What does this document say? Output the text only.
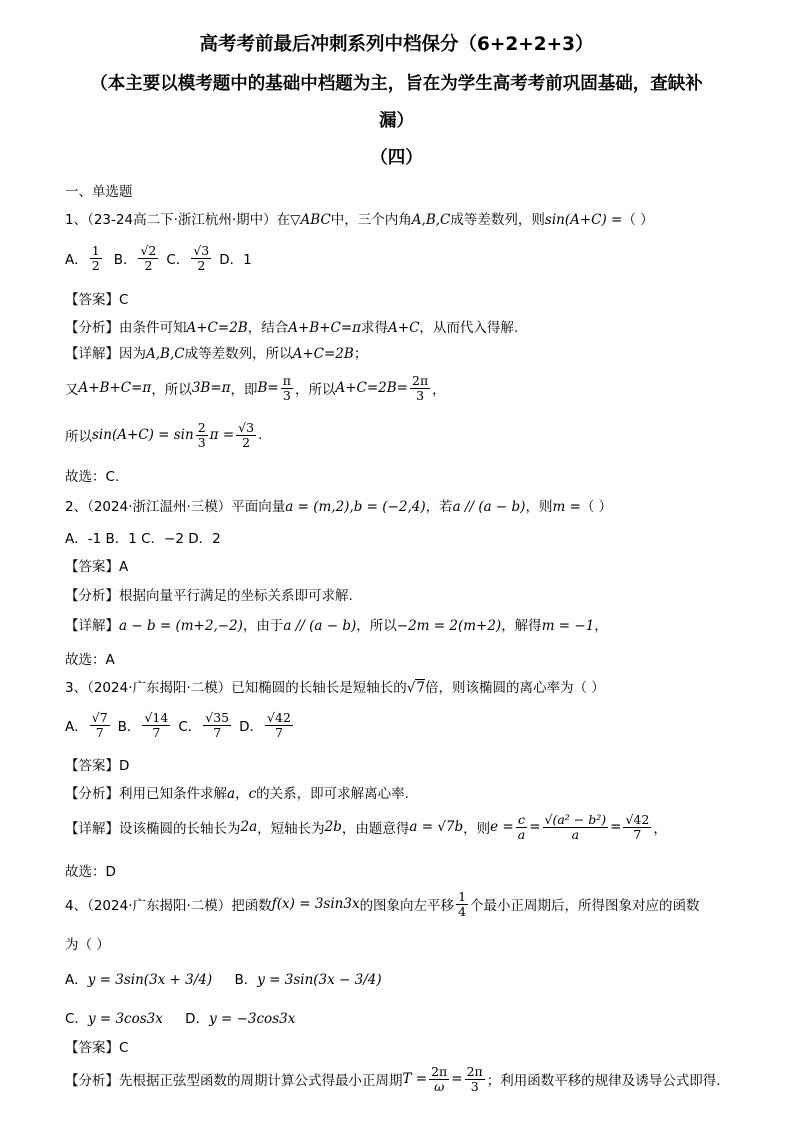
高考考前最后冲刺系列中档保分（6+2+2+3）
（本主要以模考题中的基础中档题为主，旨在为学生高考考前巩固基础，查缺补
漏）
（四）
一、单选题
1、（23-24高二下·浙江杭州·期中）在▽ABC中，三个内角A,B,C成等差数列，则sin(A+C) =（ ）
A． $\frac{1}{2}$ B． $\frac{√2}{2}$ C． $\frac{√3}{2}$ D．1
【答案】C
【分析】由条件可知A+C=2B，结合A+B+C=π求得A+C，从而代入得解.
【详解】因为A,B,C成等差数列，所以A+C=2B；
又 A+B+C=π ，所以 3B=π ，即 $B= \frac{\pi}{3}$ ，所以 $A+C=2B= \frac{2\pi}{3}$ ，
所以 $\sin(A+C) = \sin \frac{2}{3}$ $\pi = \frac{√3}{2}$ .
故选：C.
2、（2024·浙江温州·三模）平面向量a = (m,2),b = (−2,4)，若a // (a − b)，则m =（ ）
A．-1 B．1 C．−2 D．2
【答案】A
【分析】根据向量平行满足的坐标关系即可求解.
【详解】a − b = (m+2,−2)，由于a // (a − b)，所以−2m = 2(m+2)，解得m = −1，
故选：A
3、（2024·广东揭阳·二模）已知椭圆的长轴长是短轴长的√7倍，则该椭圆的离心率为（ ）
A． $\frac{√7}{7}$ B． $\frac{√14}{7}$ C． $\frac{√35}{7}$ D． $\frac{√42}{7}$
【答案】D
【分析】利用已知条件求解a，c的关系，即可求解离心率.
【详解】 设该椭圆的长轴长为 2a ，短轴长为 2b ，由题意得 a = √7b ，则 $e = \frac{c}{a} = \frac{\text{√(a² − b²)}}{a} = \frac{√42}{7}$ ，
故选：D
4、（2024·广东揭阳·二模）把函数 f(x) = 3sin3x 的图象向左平移 $\frac{1}{4}$ 个最小正周期后，所得图象对应的函数
为（ ）
A．y = 3sin(3x + 3/4) B．y = 3sin(3x − 3/4)
C．y = 3cos3x D．y = −3cos3x
【答案】C
【分析】 先根据正弦型函数的周期计算公式得最小正周期 $T = \frac{2\pi}{\omega} = \frac{2\pi}{3}$ ；利用函数平移的规律及诱导公式即得.
